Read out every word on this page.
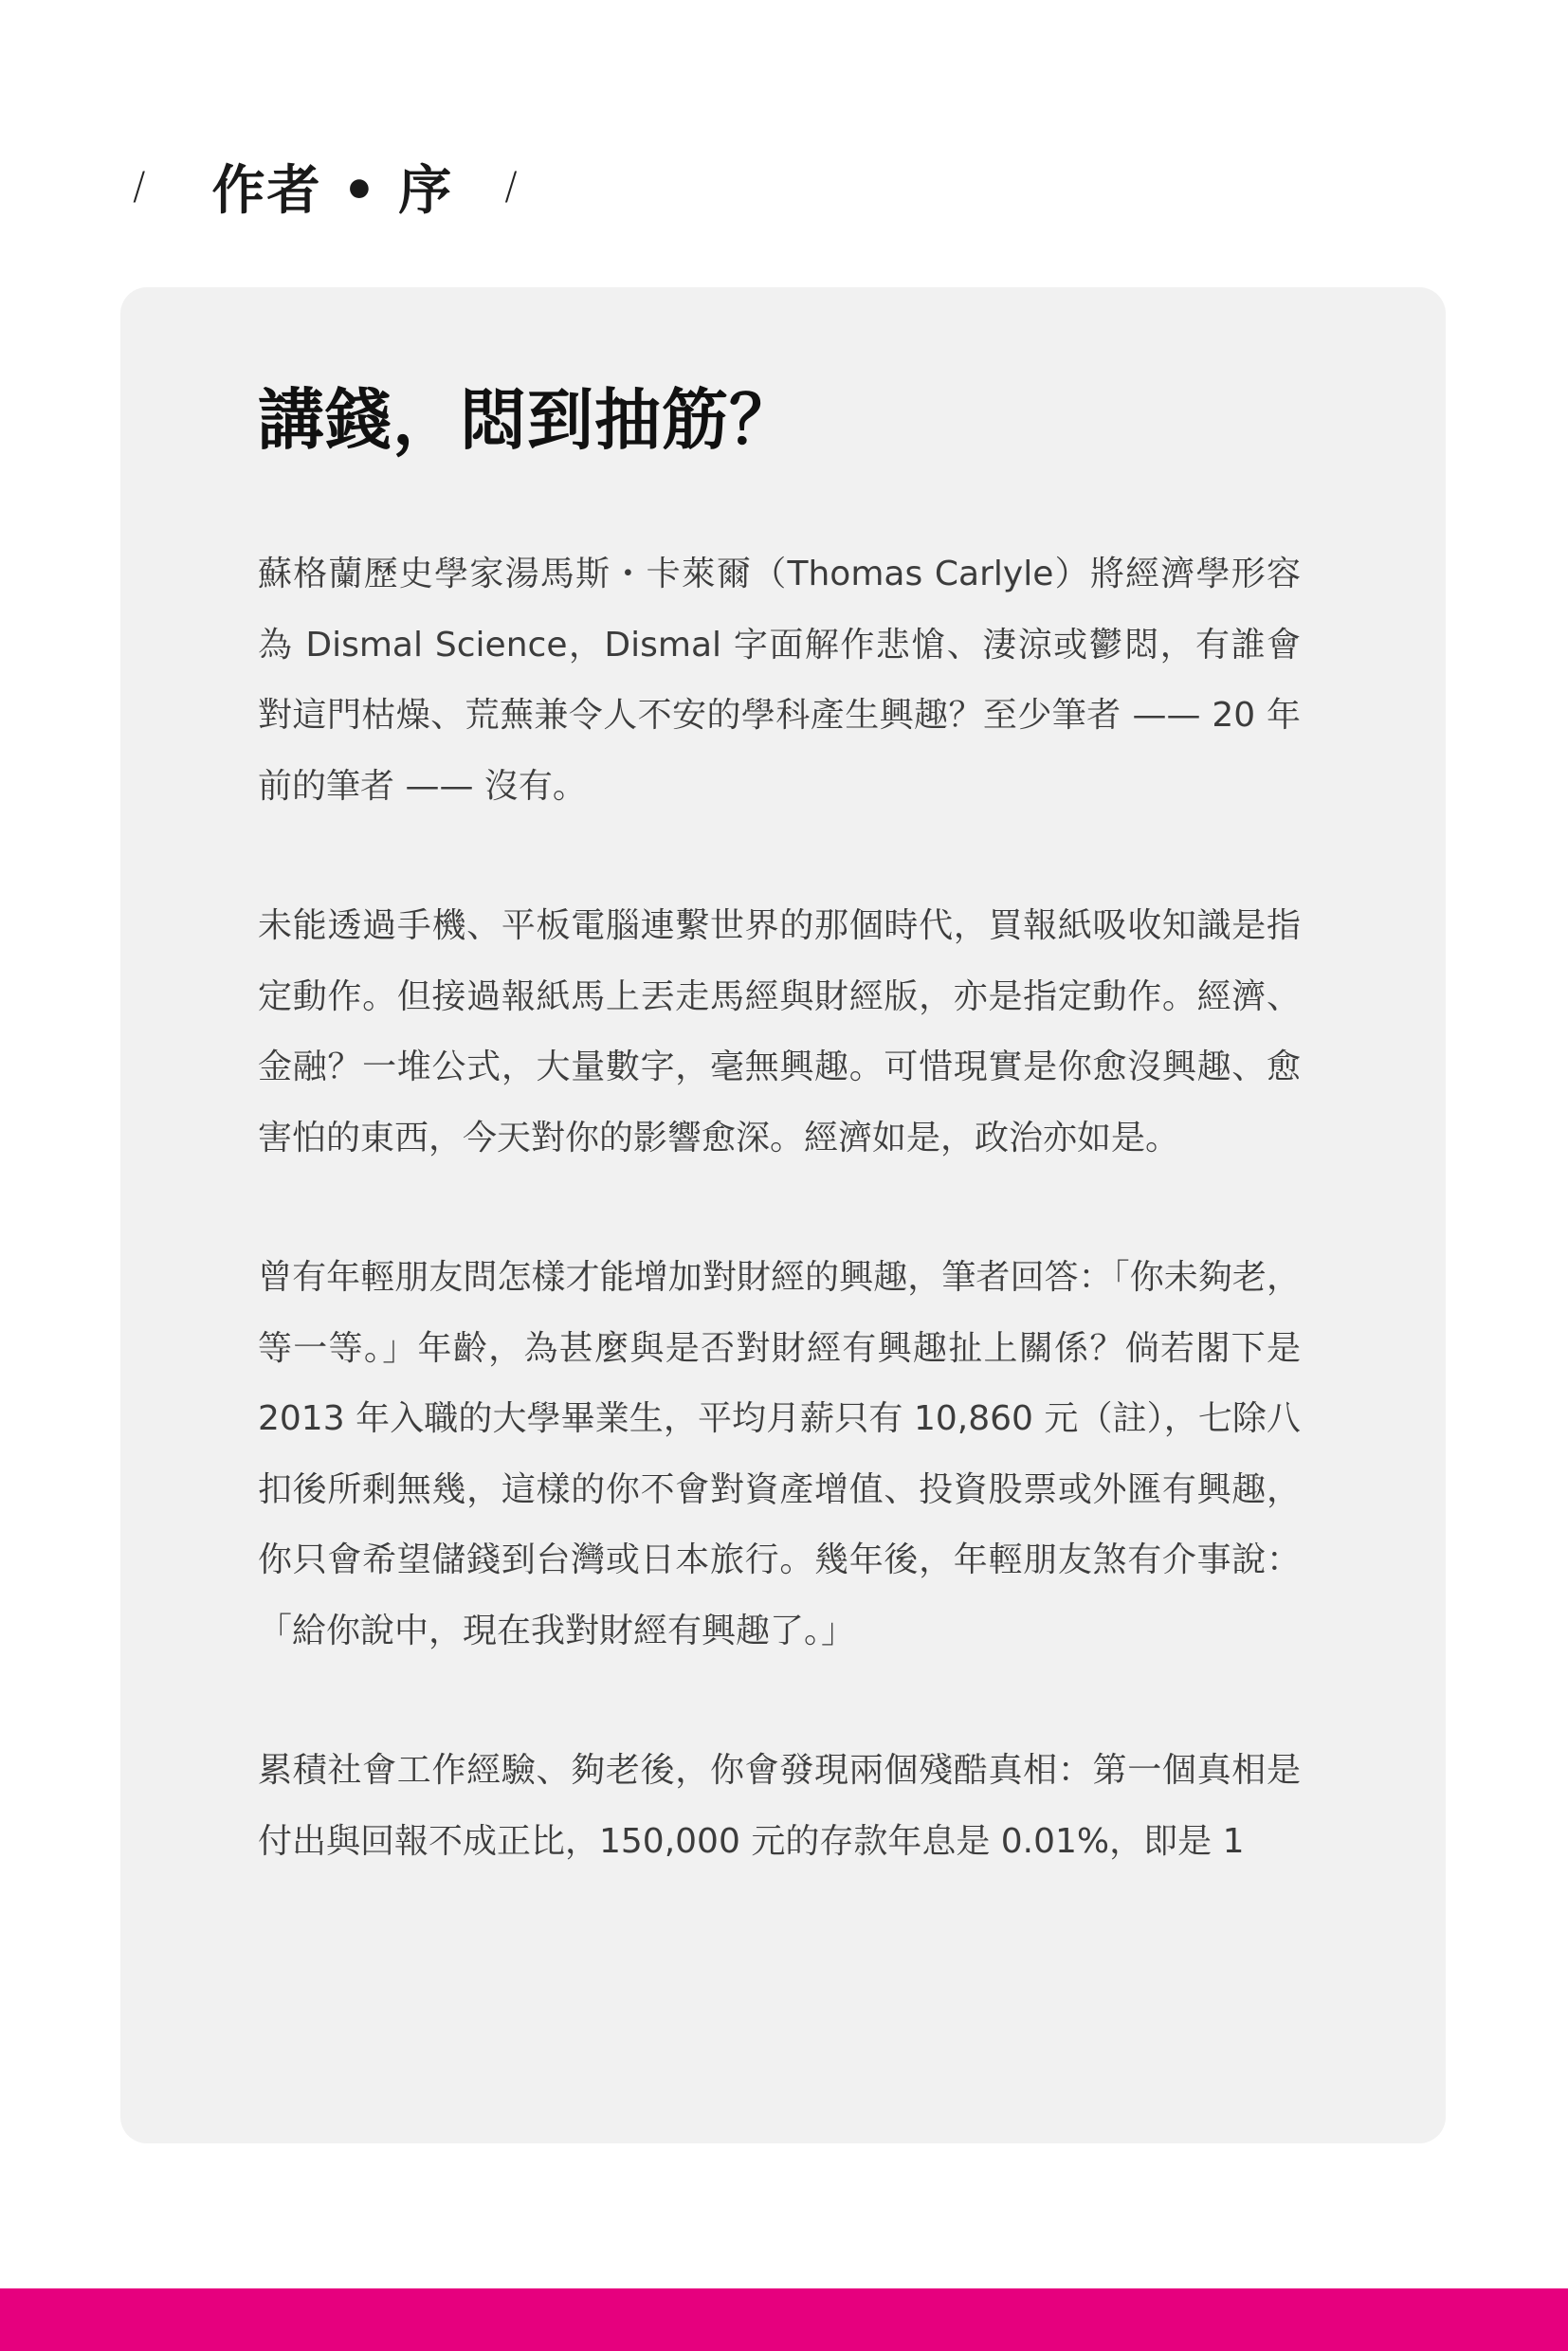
/ 作者 • 序 /
講錢，悶到抽筋？

蘇格蘭歷史學家湯馬斯・卡萊爾（Thomas Carlyle）將經濟學形容為 Dismal Science，Dismal 字面解作悲愴、淒涼或鬱悶，有誰會對這門枯燥、荒蕪兼令人不安的學科產生興趣？至少筆者 —— 20 年前的筆者 —— 沒有。

未能透過手機、平板電腦連繫世界的那個時代，買報紙吸收知識是指定動作。但接過報紙馬上丟走馬經與財經版，亦是指定動作。經濟、金融？一堆公式，大量數字，毫無興趣。可惜現實是你愈沒興趣、愈害怕的東西，今天對你的影響愈深。經濟如是，政治亦如是。

曾有年輕朋友問怎樣才能增加對財經的興趣，筆者回答：「你未夠老，等一等。」年齡，為甚麼與是否對財經有興趣扯上關係？倘若閣下是 2013 年入職的大學畢業生，平均月薪只有 10,860 元（註），七除八扣後所剩無幾，這樣的你不會對資產增值、投資股票或外匯有興趣，你只會希望儲錢到台灣或日本旅行。幾年後，年輕朋友煞有介事說：「給你說中，現在我對財經有興趣了。」

累積社會工作經驗、夠老後，你會發現兩個殘酷真相：第一個真相是付出與回報不成正比，150,000 元的存款年息是 0.01%，即是 1
